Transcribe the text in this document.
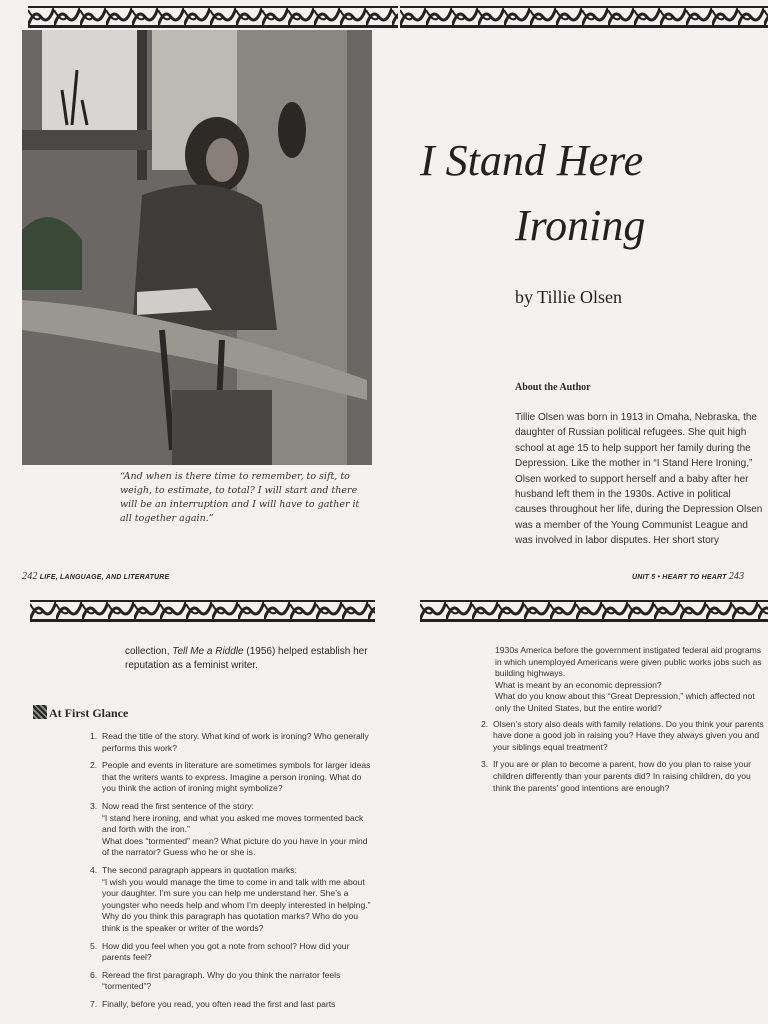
“And when is there time to remember, to sift, to weigh, to estimate, to total? I will start and there will be an interruption and I will have to gather it all together again.”
I Stand Here
Ironing
by Tillie Olsen
About the Author
Tillie Olsen was born in 1913 in Omaha, Nebraska, the daughter of Russian political refugees. She quit high school at age 15 to help support her family during the Depression. Like the mother in “I Stand Here Ironing,” Olsen worked to support herself and a baby after her husband left them in the 1930s. Active in political causes throughout her life, during the Depression Olsen was a member of the Young Communist League and was involved in labor disputes. Her short story
242 LIFE, LANGUAGE, AND LITERATURE	UNIT 5 • HEART TO HEART 243
collection, Tell Me a Riddle (1956) helped establish her reputation as a feminist writer.
At First Glance
1. Read the title of the story. What kind of work is ironing? Who generally performs this work?
2. People and events in literature are sometimes symbols for larger ideas that the writers wants to express. Imagine a person ironing. What do you think the action of ironing might symbolize?
3. Now read the first sentence of the story:
“I stand here ironing, and what you asked me moves tormented back and forth with the iron.”
What does “tormented” mean? What picture do you have in your mind of the narrator? Guess who he or she is.
4. The second paragraph appears in quotation marks:
“I wish you would manage the time to come in and talk with me about your daughter. I’m sure you can help me understand her. She’s a youngster who needs help and whom I’m deeply interested in helping.”
Why do you think this paragraph has quotation marks? Who do you think is the speaker or writer of the words?
5. How did you feel when you got a note from school? How did your parents feel?
6. Reread the first paragraph. Why do you think the narrator feels “tormented”?
7. Finally, before you read, you often read the first and last parts
1930s America before the government instigated federal aid programs in which unemployed Americans were given public works jobs such as building highways.
What is meant by an economic depression?
What do you know about this “Great Depression,” which affected not only the United States, but the entire world?
2. Olsen’s story also deals with family relations. Do you think your parents have done a good job in raising you? Have they always given you and your siblings equal treatment?
3. If you are or plan to become a parent, how do you plan to raise your children differently than your parents did? In raising children, do you think the parents’ good intentions are enough?
